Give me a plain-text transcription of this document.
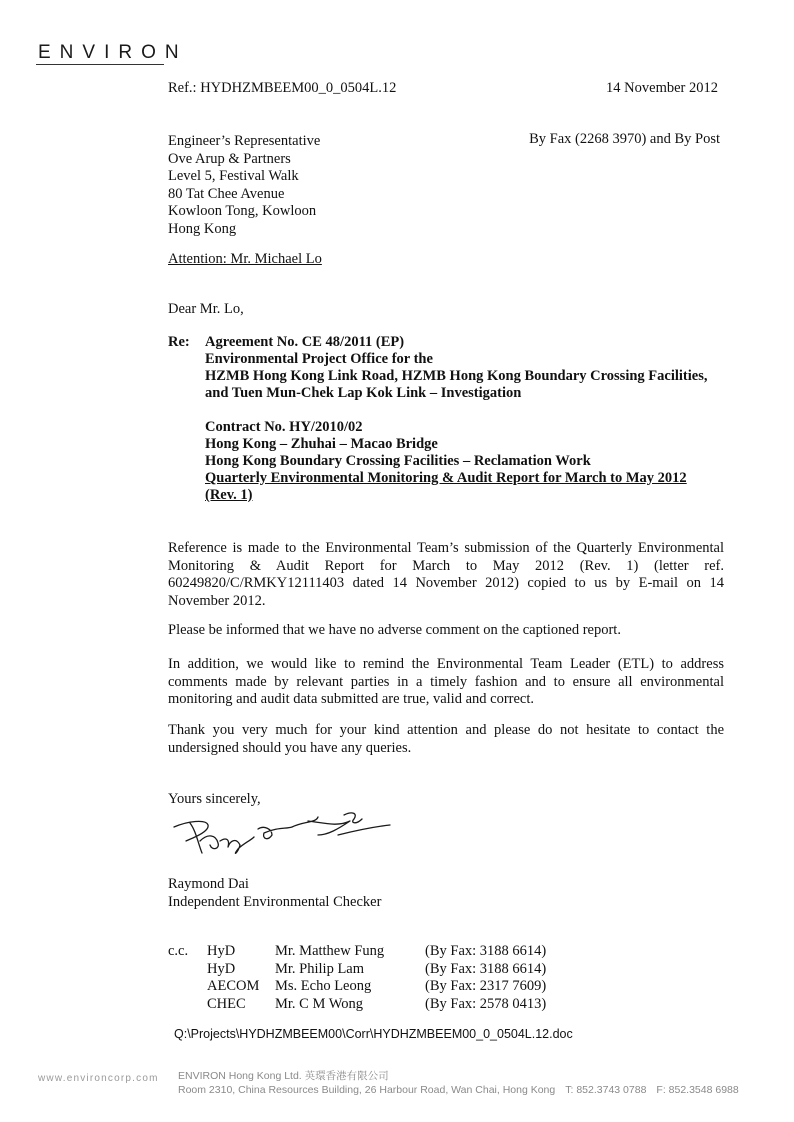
ENVIRON
Ref.: HYDHZMBEEM00_0_0504L.12	14 November 2012
By Fax (2268 3970) and By Post
Engineer’s Representative
Ove Arup & Partners
Level 5, Festival Walk
80 Tat Chee Avenue
Kowloon Tong, Kowloon
Hong Kong
Attention: Mr. Michael Lo
Dear Mr. Lo,
Re: Agreement No. CE 48/2011 (EP)
Environmental Project Office for the
HZMB Hong Kong Link Road, HZMB Hong Kong Boundary Crossing Facilities,
and Tuen Mun-Chek Lap Kok Link – Investigation
Contract No. HY/2010/02
Hong Kong – Zhuhai – Macao Bridge
Hong Kong Boundary Crossing Facilities – Reclamation Work
Quarterly Environmental Monitoring & Audit Report for March to May 2012
(Rev. 1)
Reference is made to the Environmental Team’s submission of the Quarterly Environmental Monitoring & Audit Report for March to May 2012 (Rev. 1) (letter ref. 60249820/C/RMKY12111403 dated 14 November 2012) copied to us by E-mail on 14 November 2012.
Please be informed that we have no adverse comment on the captioned report.
In addition, we would like to remind the Environmental Team Leader (ETL) to address comments made by relevant parties in a timely fashion and to ensure all environmental monitoring and audit data submitted are true, valid and correct.
Thank you very much for your kind attention and please do not hesitate to contact the undersigned should you have any queries.
Yours sincerely,
Raymond Dai
Independent Environmental Checker
c.c. HyD	Mr. Matthew Fung	(By Fax: 3188 6614)
HyD	Mr. Philip Lam	(By Fax: 3188 6614)
AECOM	Ms. Echo Leong	(By Fax: 2317 7609)
CHEC	Mr. C M Wong	(By Fax: 2578 0413)
Q:\Projects\HYDHZMBEEM00\Corr\HYDHZMBEEM00_0_0504L.12.doc
www.environcorp.com ENVIRON Hong Kong Ltd. 英環香港有限公司
Room 2310, China Resources Building, 26 Harbour Road, Wan Chai, Hong Kong T: 852.3743 0788 F: 852.3548 6988
